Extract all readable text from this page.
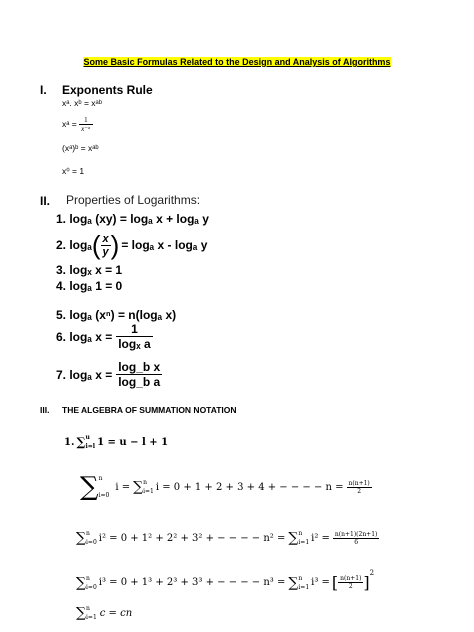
Some Basic Formulas Related to the Design and Analysis of Algorithms
I. Exponents Rule
xᵃ. xᵇ = xᵃᵇ
xᵃ = $\frac{1}{\text{x⁻ᵃ}}$
(xᵃ)ᵇ = xᵃᵇ
x⁰ = 1
II. Properties of Logarithms:
1. logₐ (xy) = logₐ x + logₐ y
2. logₐ ( $\frac{x}{y}$ ) = logₐ x - logₐ y
3. logₓ x = 1
4. logₐ 1 = 0
5. logₐ (xⁿ) = n(logₐ x)
6. logₐ $x = \frac{1}{\text{logₓ a}}$
7. logₐ $x = \frac{\text{log\_b x}}{\text{log\_b a}}$
III. THE ALGEBRA OF SUMMATION NOTATION
1. ∑ u
i=l 1 = u − l + 1
∑ n
i=0
i = ∑ n
i=1 i = 0 + 1 + 2 + 3 + 4 + − − − − $n = \frac{n(n+1)}{2}$
∑ n
i=0 i² = 0 + 1² + 2² + 3² + − − − − n² = ∑ n
i=1 $i^2 = \frac{n(n+1)(2n+1)}{6}$
∑ n
i=0 i³ = 0 + 1³ + 2³ + 3³ + − − − − n³ = ∑ n
i=1 i³ = [ $\frac{n(n+1)}{2}$ ] 2
∑ n
i=1 c = cn
